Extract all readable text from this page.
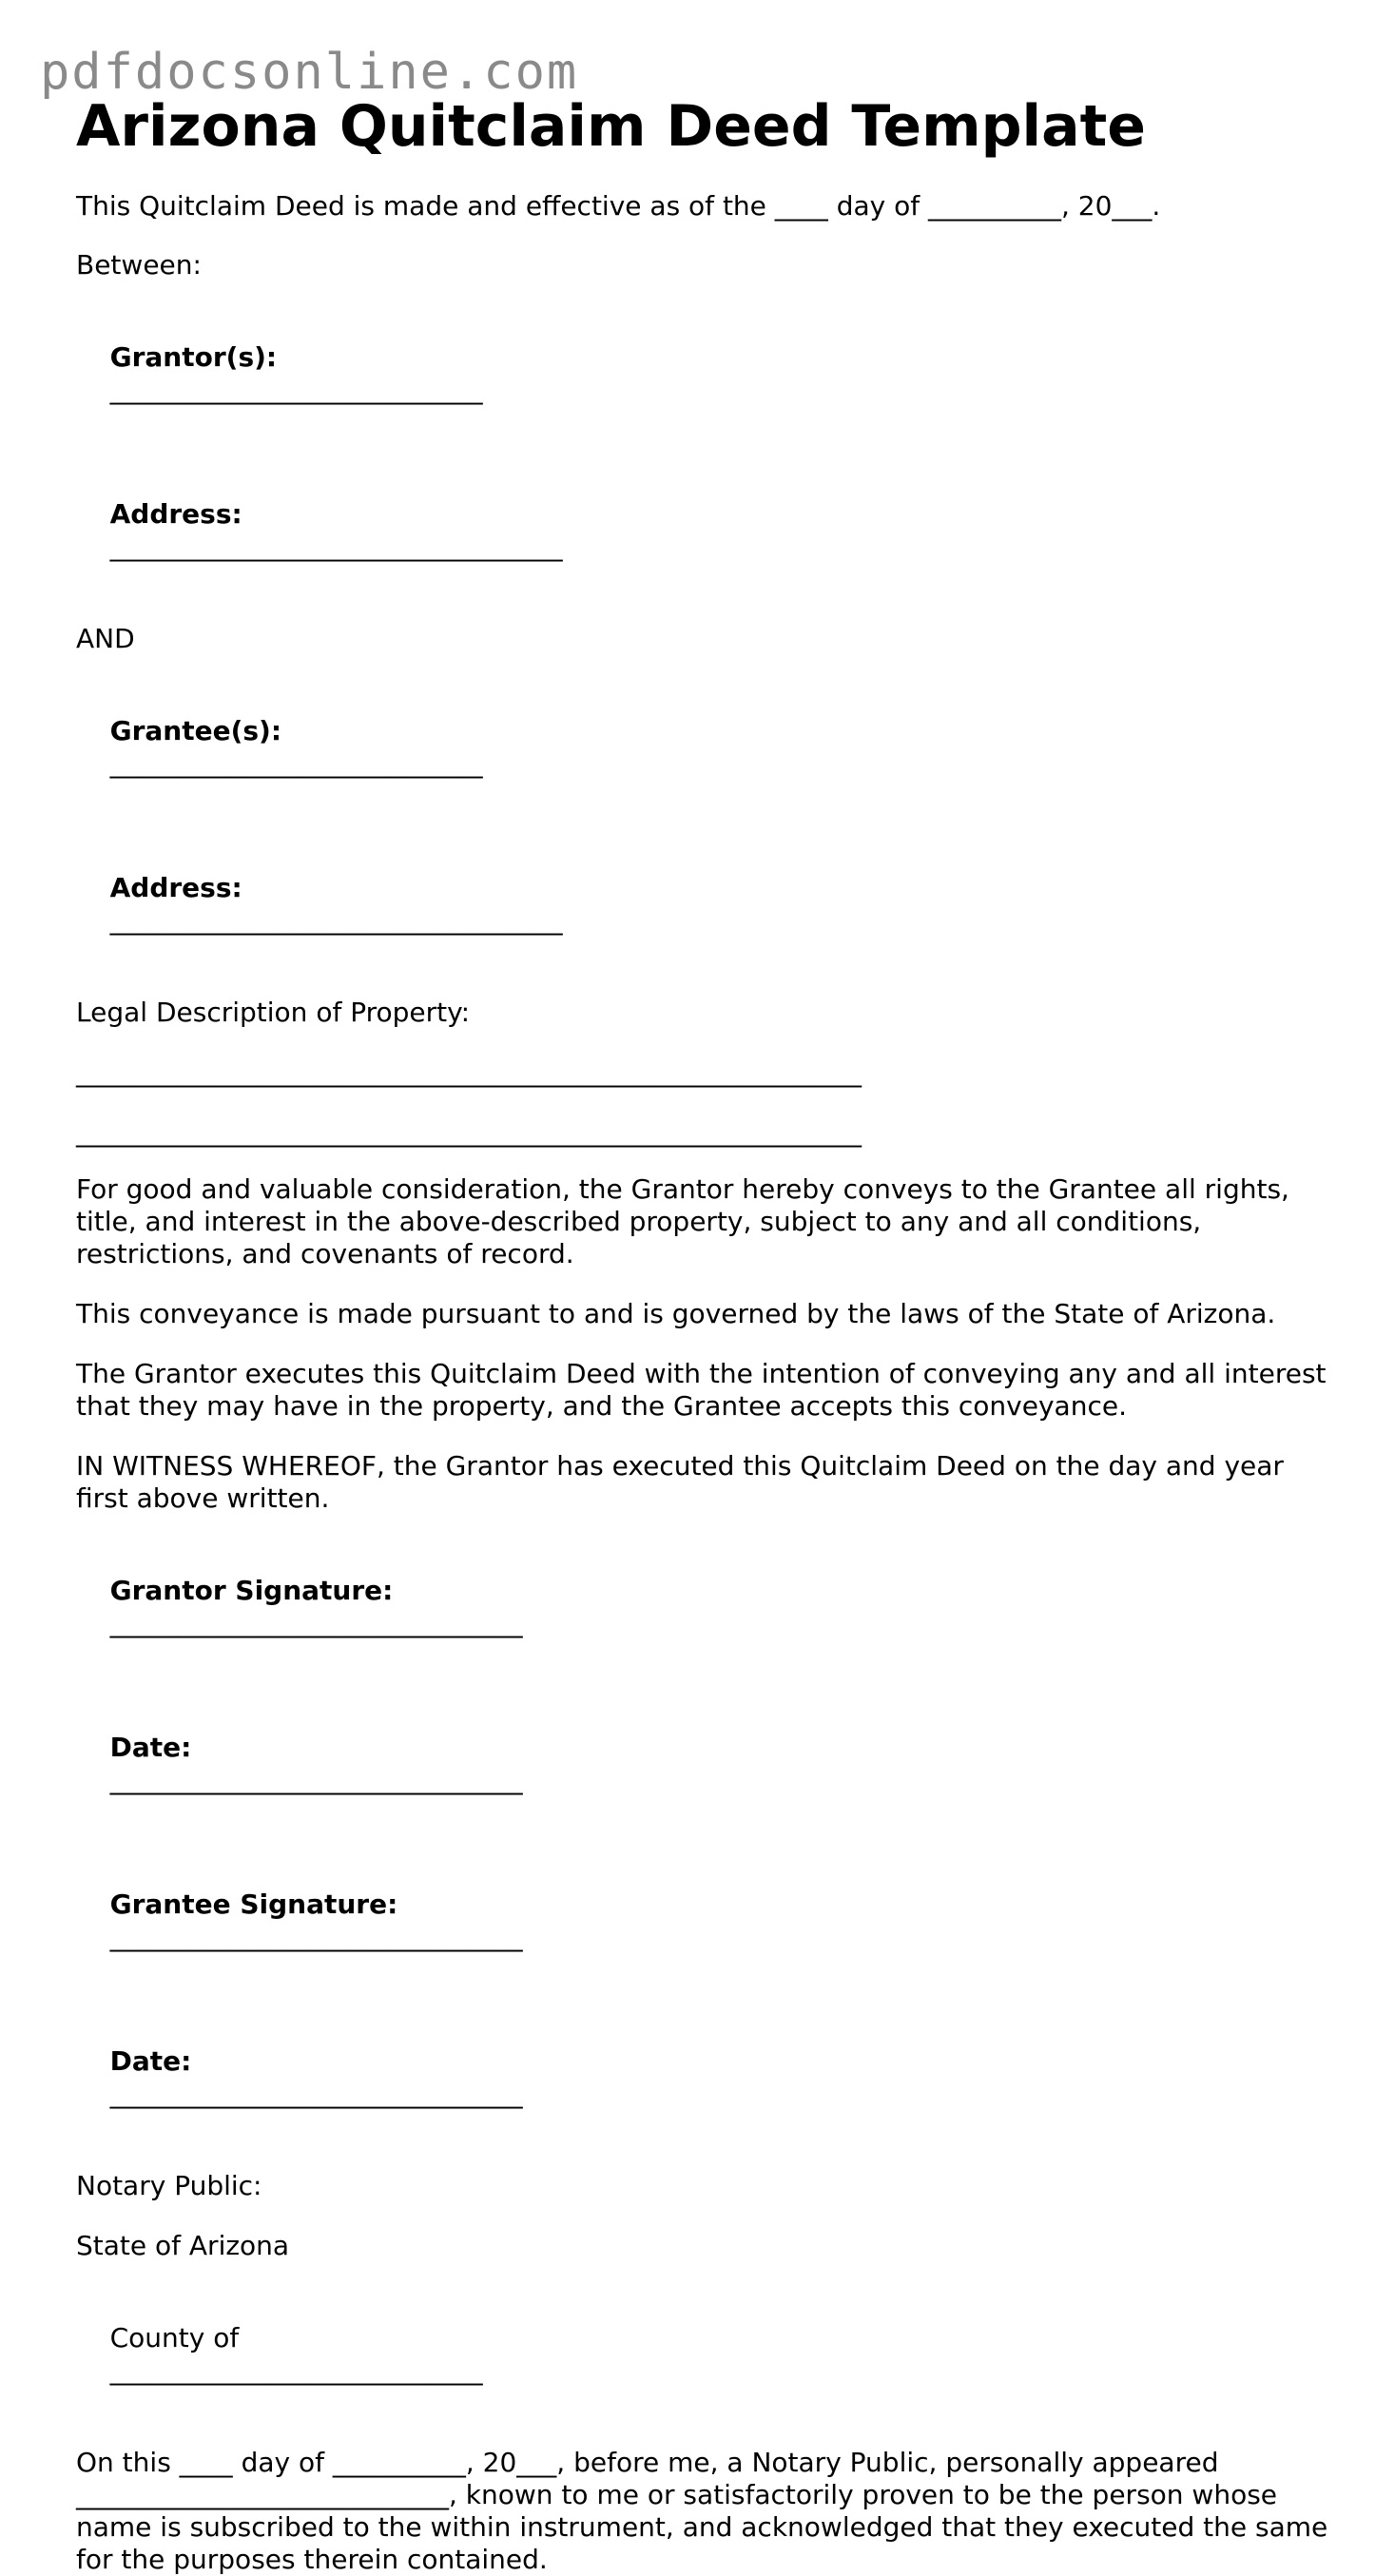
pdfdocsonline.com
Arizona Quitclaim Deed Template

This Quitclaim Deed is made and effective as of the ____ day of __________, 20___.

Between:

Grantor(s):
____________________________

Address:
__________________________________

AND

Grantee(s):
____________________________

Address:
__________________________________

Legal Description of Property:

___________________________________________________________

___________________________________________________________

For good and valuable consideration, the Grantor hereby conveys to the Grantee all rights, title, and interest in the above-described property, subject to any and all conditions, restrictions, and covenants of record.

This conveyance is made pursuant to and is governed by the laws of the State of Arizona.

The Grantor executes this Quitclaim Deed with the intention of conveying any and all interest that they may have in the property, and the Grantee accepts this conveyance.

IN WITNESS WHEREOF, the Grantor has executed this Quitclaim Deed on the day and year first above written.

Grantor Signature:
_______________________________

Date:
_______________________________

Grantee Signature:
_______________________________

Date:
_______________________________

Notary Public:

State of Arizona

County of
____________________________

On this ____ day of __________, 20___, before me, a Notary Public, personally appeared ____________________________, known to me or satisfactorily proven to be the person whose name is subscribed to the within instrument, and acknowledged that they executed the same for the purposes therein contained.
